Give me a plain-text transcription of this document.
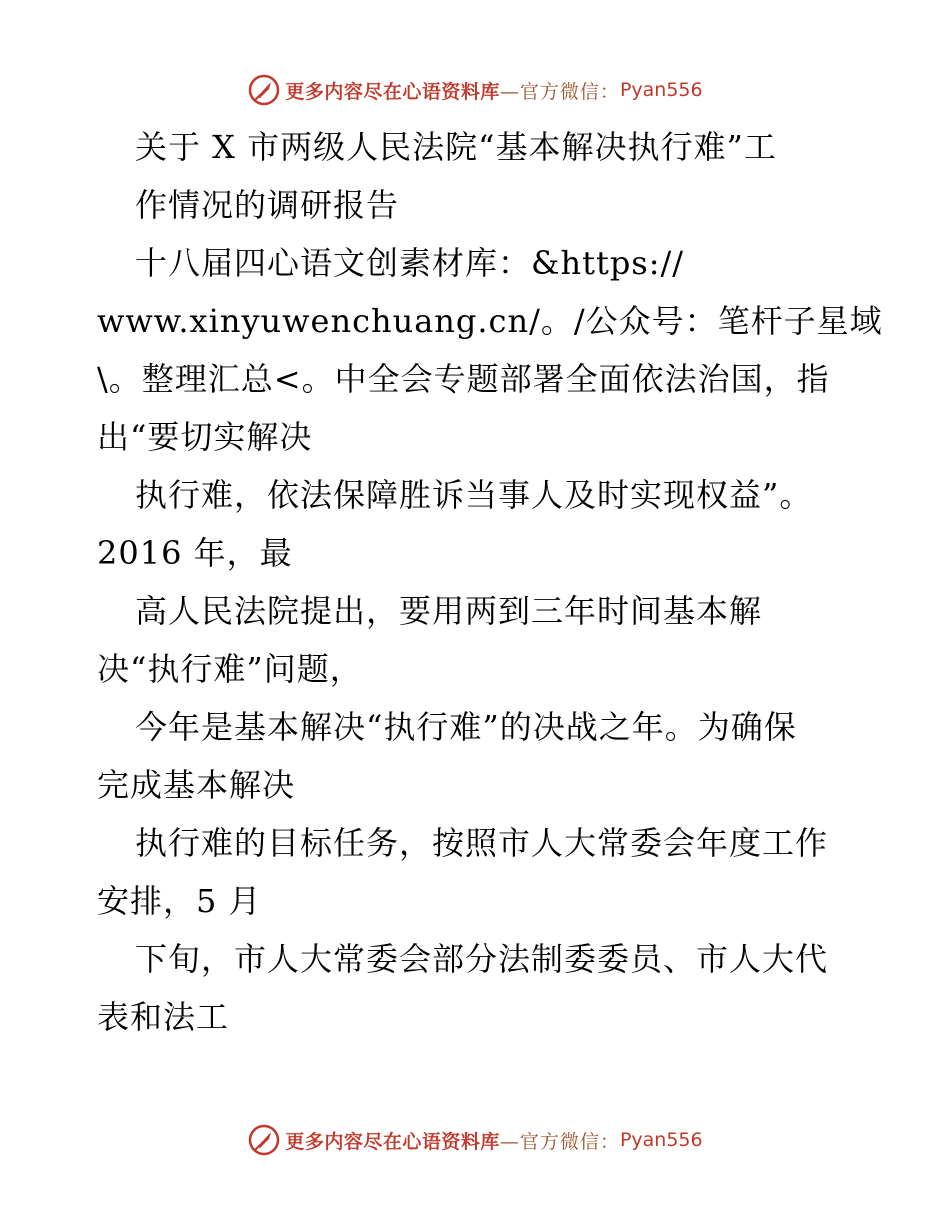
更多内容尽在心语资料库 —官方微信： Pyan556
关于 X 市两级人民法院“基本解决执行难”工
作情况的调研报告
十八届四心语文创素材库：&https://
www.xinyuwenchuang.cn/。/公众号：笔杆子星域
\。整理汇总<。中全会专题部署全面依法治国，指
出“要切实解决
执行难，依法保障胜诉当事人及时实现权益”。
2016 年，最
高人民法院提出，要用两到三年时间基本解
决“执行难”问题，
今年是基本解决“执行难”的决战之年。为确保
完成基本解决
执行难的目标任务，按照市人大常委会年度工作
安排，5 月
下旬，市人大常委会部分法制委委员、市人大代
表和法工
更多内容尽在心语资料库 —官方微信： Pyan556
